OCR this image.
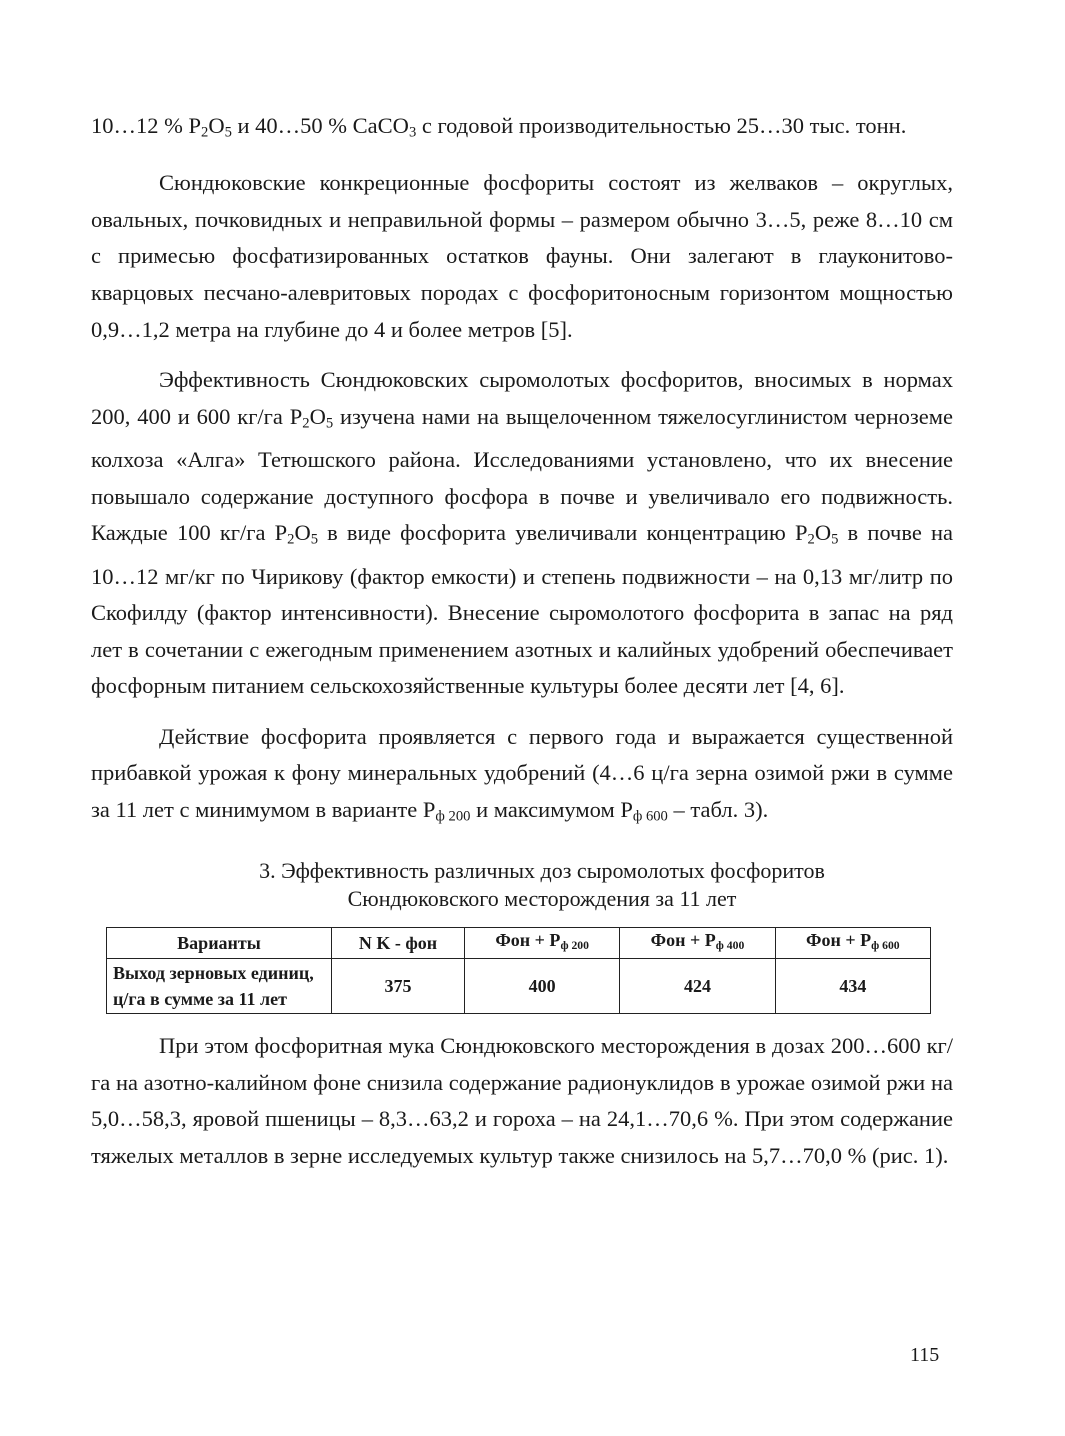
10…12 % $P_2O_5$ и 40…50 % CaCO$_3$ с годовой производительностью 25…30 тыс. тонн.

Сюндюковские конкреционные фосфориты состоят из желваков – округлых, овальных, почковидных и неправильной формы – размером обычно 3…5, реже 8…10 см с примесью фосфатизированных остатков фауны. Они залегают в глауконитово-кварцовых песчано-алевритовых породах с фосфоритоносным горизонтом мощностью 0,9…1,2 метра на глубине до 4 и более метров [5].

Эффективность Сюндюковских сыромолотых фосфоритов, вносимых в нормах 200, 400 и 600 кг/га $P_2O_5$ изучена нами на выщелоченном тяжелосуглинистом черноземе колхоза «Алга» Тетюшского района. Исследованиями установлено, что их внесение повышало содержание доступного фосфора в почве и увеличивало его подвижность. Каждые 100 кг/га $P_2O_5$ в виде фосфорита увеличивали концентрацию $P_2O_5$ в почве на 10…12 мг/кг по Чирикову (фактор емкости) и степень подвижности – на 0,13 мг/литр по Скофилду (фактор интенсивности). Внесение сыромолотого фосфорита в запас на ряд лет в сочетании с ежегодным применением азотных и калийных удобрений обеспечивает фосфорным питанием сельскохозяйственные культуры более десяти лет [4, 6].

Действие фосфорита проявляется с первого года и выражается существенной прибавкой урожая к фону минеральных удобрений (4…6 ц/га зерна озимой ржи в сумме за 11 лет с минимумом в варианте $P_{ф 200}$ и максимумом $P_{ф 600}$ – табл. 3).

3. Эффективность различных доз сыромолотых фосфоритов
Сюндюковского месторождения за 11 лет
Варианты	N K - фон	Фон + $P_{ф 200}$	Фон + $P_{ф 400}$	Фон + $P_{ф 600}$
Выход зерновых единиц, ц/га в сумме за 11 лет	375	400	424	434

При этом фосфоритная мука Сюндюковского месторождения в дозах 200…600 кг/га на азотно-калийном фоне снизила содержание радионуклидов в урожае озимой ржи на 5,0…58,3, яровой пшеницы – 8,3…63,2 и гороха – на 24,1…70,6 %. При этом содержание тяжелых металлов в зерне исследуемых культур также снизилось на 5,7…70,0 % (рис. 1).

115
